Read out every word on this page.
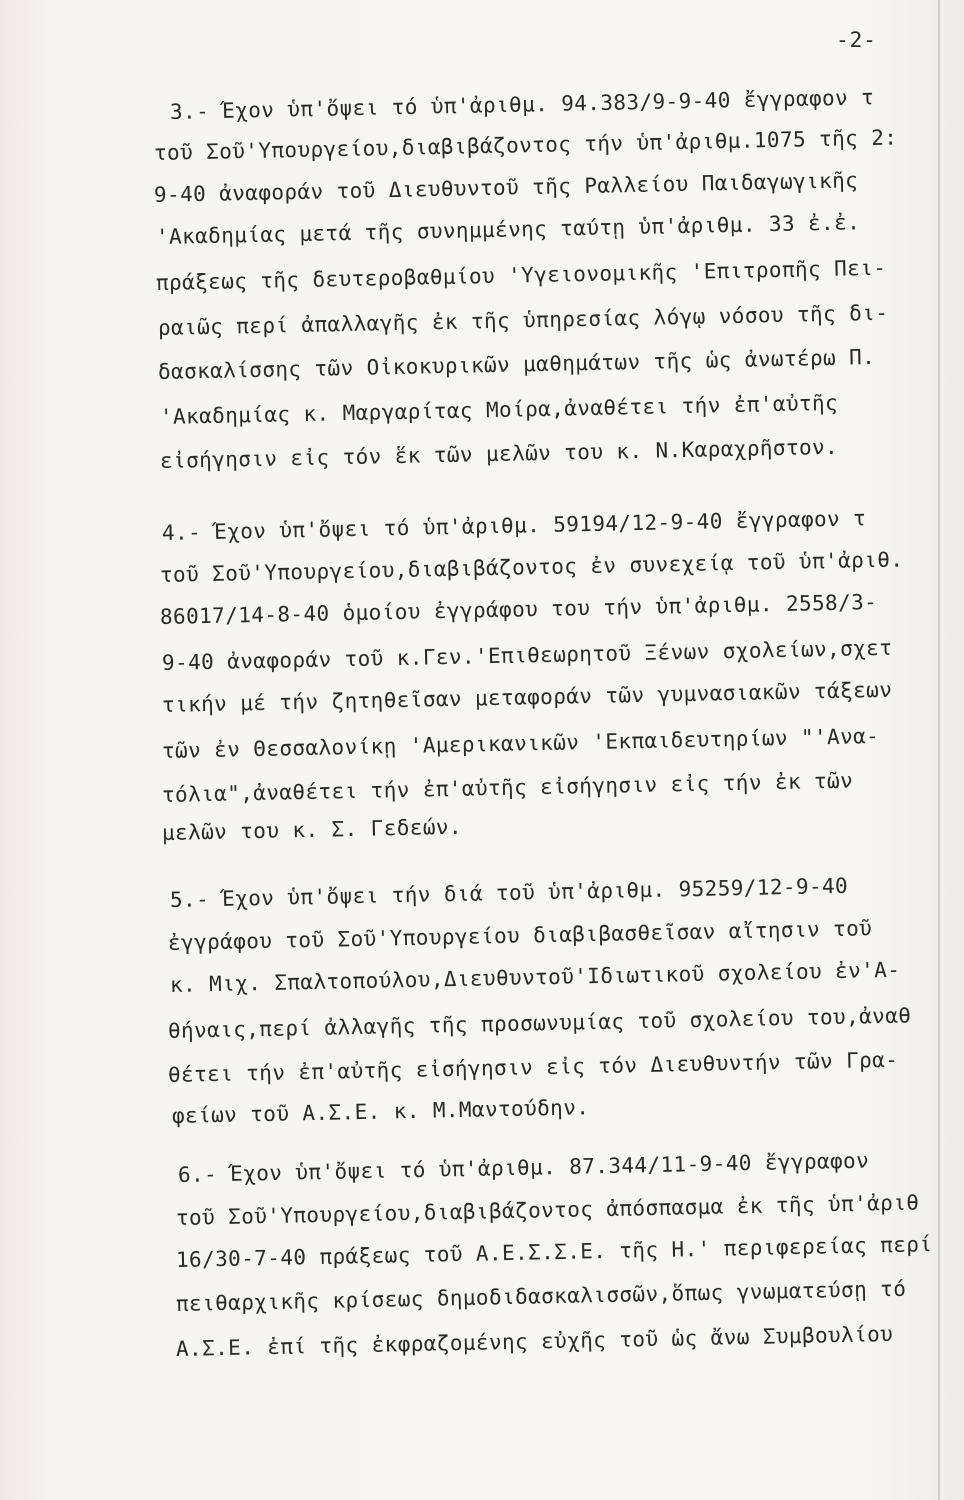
-2-
3.- Έχον ὑπ'ὄψει τό ὑπ'ἀριθμ. 94.383/9-9-40 ἔγγραφον τ
τοῦ Σοῦ'Υπουργείου,διαβιβάζοντος τήν ὑπ'ἀριθμ.1075 τῆς 2:
9-40 ἀναφοράν τοῦ Διευθυντοῦ τῆς Ραλλείου Παιδαγωγικῆς
'Ακαδημίας μετά τῆς συνημμένης ταύτῃ ὑπ'ἀριθμ. 33 ἐ.ἐ.
πράξεως τῆς δευτεροβαθμίου 'Υγειονομικῆς 'Επιτροπῆς Πει-
ραιῶς περί ἀπαλλαγῆς ἐκ τῆς ὑπηρεσίας λόγῳ νόσου τῆς δι-
δασκαλίσσης τῶν Οἰκοκυρικῶν μαθημάτων τῆς ὡς ἀνωτέρω Π.
'Ακαδημίας κ. Μαργαρίτας Μοίρα,ἀναθέτει τήν ἐπ'αὐτῆς
εἰσήγησιν εἰς τόν ἕκ τῶν μελῶν του κ. Ν.Καραχρῆστον.
4.- Έχον ὑπ'ὄψει τό ὑπ'ἀριθμ. 59194/12-9-40 ἔγγραφον τ
τοῦ Σοῦ'Υπουργείου,διαβιβάζοντος ἐν συνεχείᾳ τοῦ ὑπ'ἀριθ.
86017/14-8-40 ὁμοίου ἐγγράφου του τήν ὑπ'ἀριθμ. 2558/3-
9-40 ἀναφοράν τοῦ κ.Γεν.'Επιθεωρητοῦ Ξένων σχολείων,σχετ
τικήν μέ τήν ζητηθεῖσαν μεταφοράν τῶν γυμνασιακῶν τάξεων
τῶν ἐν Θεσσαλονίκῃ 'Αμερικανικῶν 'Εκπαιδευτηρίων "'Ανα-
τόλια",ἀναθέτει τήν ἐπ'αὐτῆς εἰσήγησιν εἰς τήν ἐκ τῶν
μελῶν του κ. Σ. Γεδεών.
5.- Έχον ὑπ'ὄψει τήν διά τοῦ ὑπ'ἀριθμ. 95259/12-9-40
ἐγγράφου τοῦ Σοῦ'Υπουργείου διαβιβασθεῖσαν αἴτησιν τοῦ
κ. Μιχ. Σπαλτοπούλου,Διευθυντοῦ'Ιδιωτικοῦ σχολείου ἐν'Α-
θήναις,περί ἀλλαγῆς τῆς προσωνυμίας τοῦ σχολείου του,ἀναθ
θέτει τήν ἐπ'αὐτῆς εἰσήγησιν εἰς τόν Διευθυντήν τῶν Γρα-
φείων τοῦ Α.Σ.Ε. κ. Μ.Μαντούδην.
6.- Έχον ὑπ'ὄψει τό ὑπ'ἀριθμ. 87.344/11-9-40 ἔγγραφον
τοῦ Σοῦ'Υπουργείου,διαβιβάζοντος ἀπόσπασμα ἐκ τῆς ὑπ'ἀριθ
16/30-7-40 πράξεως τοῦ Α.Ε.Σ.Σ.Ε. τῆς Η.' περιφερείας περί
πειθαρχικῆς κρίσεως δημοδιδασκαλισσῶν,ὅπως γνωματεύσῃ τό
Α.Σ.Ε. ἐπί τῆς ἐκφραζομένης εὐχῆς τοῦ ὡς ἄνω Συμβουλίου
